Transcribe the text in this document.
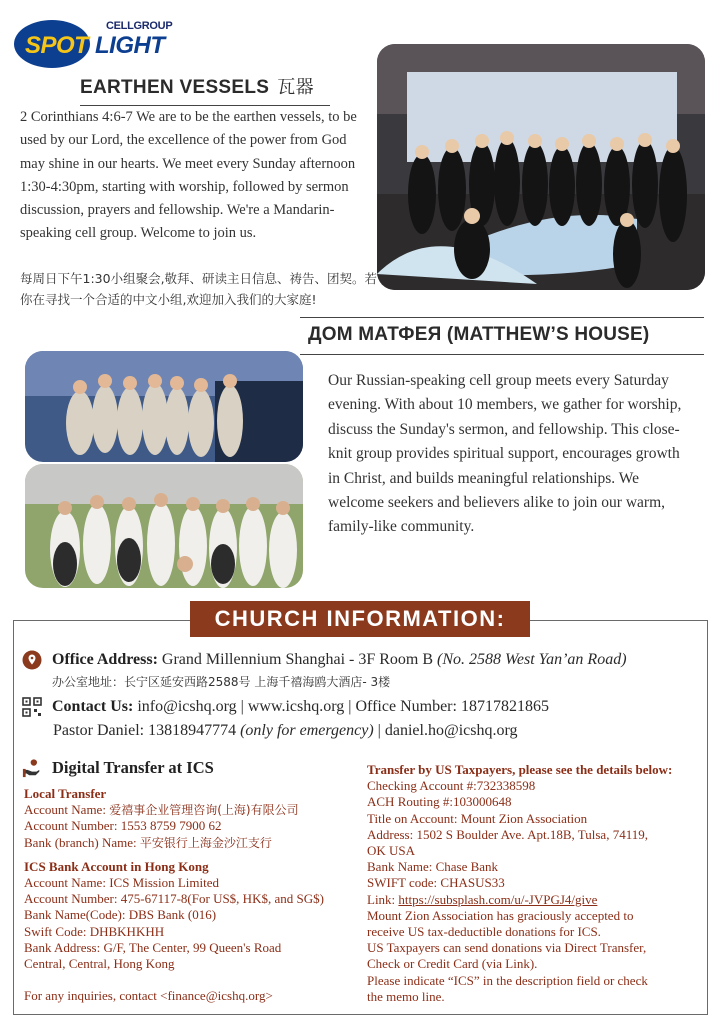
CELLGROUP
SPOT LIGHT
EARTHEN VESSELS 瓦器

2 Corinthians 4:6-7 We are to be the earthen vessels, to be used by our Lord, the excellence of the power from God may shine in our hearts. We meet every Sunday afternoon 1:30-4:30pm, starting with worship, followed by sermon discussion, prayers and fellowship. We're a Mandarin-speaking cell group. Welcome to join us.

每周日下午1:30小组聚会,敬拜、研读主日信息、祷告、团契。若你在寻找一个合适的中文小组,欢迎加入我们的大家庭!

ДОМ МАТФЕЯ (MATTHEW’S HOUSE)

Our Russian-speaking cell group meets every Saturday evening. With about 10 members, we gather for worship, discuss the Sunday's sermon, and fellowship. This close-knit group provides spiritual support, encourages growth in Christ, and builds meaningful relationships. We welcome seekers and believers alike to join our warm, family-like community.

CHURCH INFORMATION:
Office Address: Grand Millennium Shanghai - 3F Room B (No. 2588 West Yan’an Road)
办公室地址：长宁区延安西路2588号 上海千禧海鸥大酒店- 3楼
Contact Us: info@icshq.org | www.icshq.org | Office Number: 18717821865
Pastor Daniel: 13818947774 (only for emergency) | daniel.ho@icshq.org
Digital Transfer at ICS
Local Transfer
Account Name: 爱禧事企业管理咨询(上海)有限公司
Account Number: 1553 8759 7900 62
Bank (branch) Name: 平安银行上海金沙江支行
ICS Bank Account in Hong Kong
Account Name: ICS Mission Limited
Account Number: 475-67117-8(For US$, HK$, and SG$)
Bank Name(Code): DBS Bank (016)
Swift Code: DHBKHKHH
Bank Address: G/F, The Center, 99 Queen's Road
Central, Central, Hong Kong
For any inquiries, contact <finance@icshq.org>
Transfer by US Taxpayers, please see the details below:
Checking Account #:732338598
ACH Routing #:103000648
Title on Account: Mount Zion Association
Address: 1502 S Boulder Ave. Apt.18B, Tulsa, 74119,
OK USA
Bank Name: Chase Bank
SWIFT code: CHASUS33
Link: https://subsplash.com/u/-JVPGJ4/give
Mount Zion Association has graciously accepted to
receive US tax-deductible donations for ICS.
US Taxpayers can send donations via Direct Transfer,
Check or Credit Card (via Link).
Please indicate “ICS” in the description field or check
the memo line.
